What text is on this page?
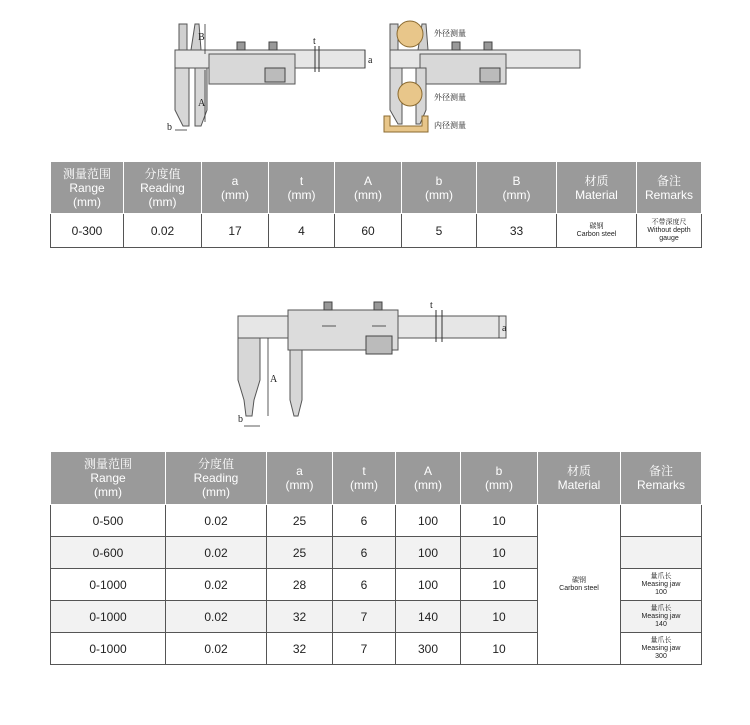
B
A
b
t
a
外径测量
外径测量
内径测量
测量范围
Range
(mm)	分度值
Reading
(mm)	a
(mm)	t
(mm)	A
(mm)	b
(mm)	B
(mm)	材质
Material	备注
Remarks
0-300	0.02	17	4	60	5	33	碳钢
Carbon steel	不带深度尺
Without depth
gauge
A
b
t
a
测量范围
Range
(mm)	分度值
Reading
(mm)	a
(mm)	t
(mm)	A
(mm)	b
(mm)	材质
Material	备注
Remarks
0-500	0.02	25	6	100	10	碳钢
Carbon steel	
0-600	0.02	25	6	100	10		
0-1000	0.02	28	6	100	10		量爪长
Measing jaw
100
0-1000	0.02	32	7	140	10		量爪长
Measing jaw
140
0-1000	0.02	32	7	300	10		量爪长
Measing jaw
300
